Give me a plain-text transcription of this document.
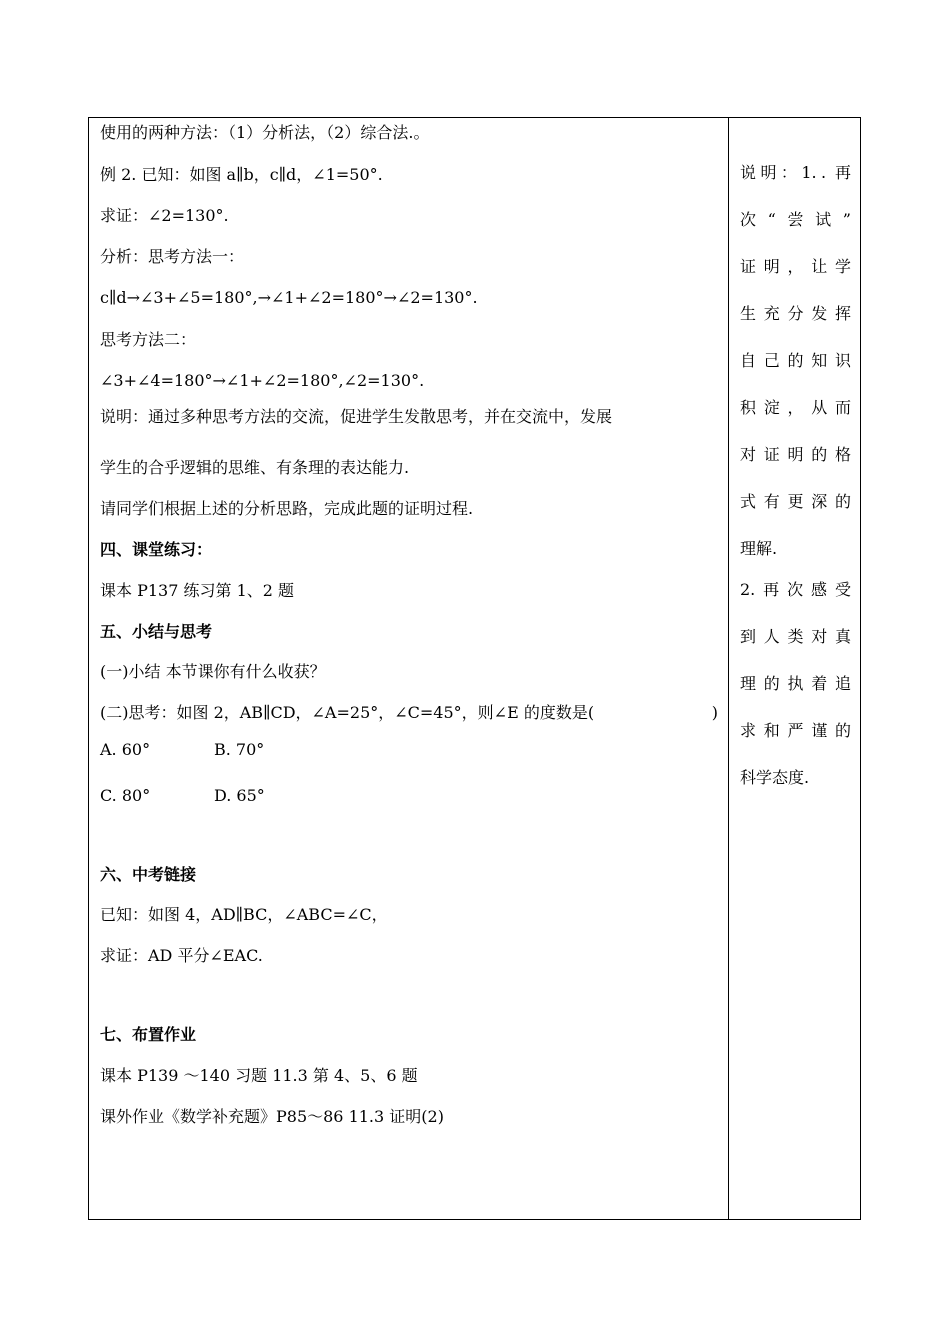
使用的两种方法：（1）分析法，（2）综合法.。
例 2. 已知：如图 a∥b，c∥d，∠1=50°.
求证：∠2=130°.
分析：思考方法一：
c∥d→∠3+∠5=180°,→∠1+∠2=180°→∠2=130°.
思考方法二：
∠3+∠4=180°→∠1+∠2=180°,∠2=130°.
说明：通过多种思考方法的交流，促进学生发散思考，并在交流中，发展
学生的合乎逻辑的思维、有条理的表达能力.
请同学们根据上述的分析思路，完成此题的证明过程.
四、课堂练习：
课本 P137 练习第 1、2 题
五、小结与思考
(一)小结 本节课你有什么收获？
(二)思考：如图 2，AB∥CD，∠A=25°，∠C=45°，则∠E 的度数是(	)
A. 60°	B. 70°
C. 80°	D. 65°
六、中考链接
已知：如图 4，AD∥BC，∠ABC=∠C，
求证：AD 平分∠EAC.
七、布置作业
课本 P139 ～140 习题 11.3 第 4、5、6 题
课外作业《数学补充题》P85～86 11.3 证明(2)
说 明 ： 1. . 再
次 “ 尝 试 ”
证 明 ， 让 学
生 充 分 发 挥
自 己 的 知 识
积 淀 ， 从 而
对 证 明 的 格
式 有 更 深 的
理解.
2. 再 次 感 受
到 人 类 对 真
理 的 执 着 追
求 和 严 谨 的
科学态度.
